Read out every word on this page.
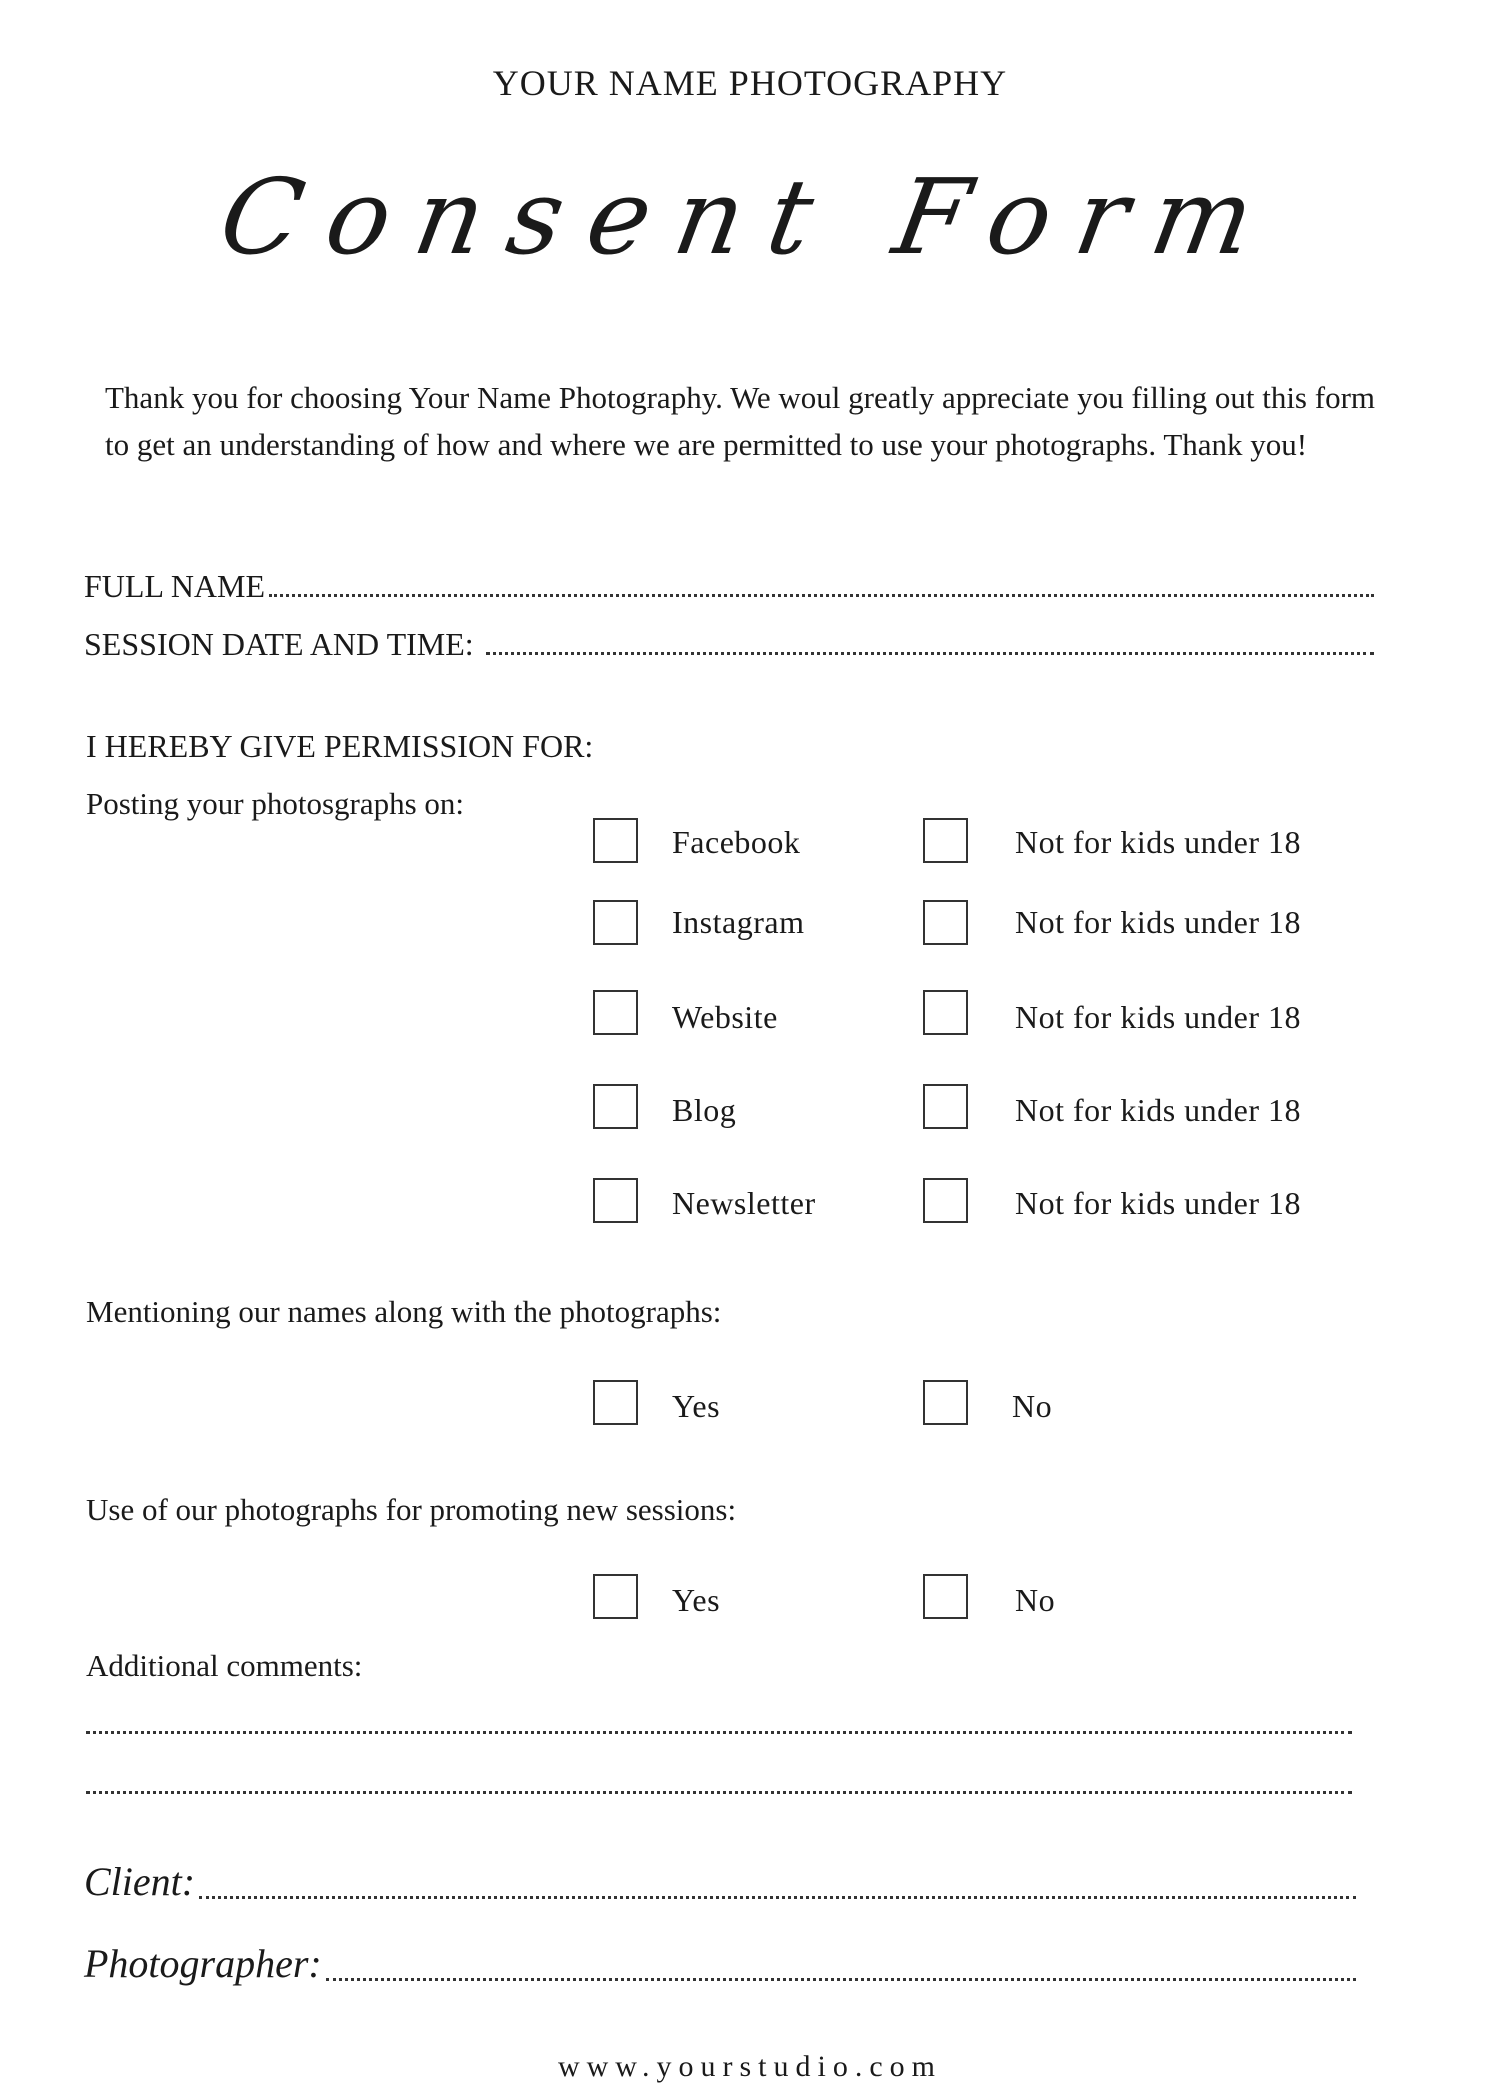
YOUR NAME PHOTOGRAPHY
Consent Form
Thank you for choosing Your Name Photography. We woul greatly appreciate you filling out this form to get an understanding of how and where we are permitted to use your photographs. Thank you!
FULL NAME
SESSION DATE AND TIME:
I HEREBY GIVE PERMISSION FOR:
Posting your photosgraphs on:
Facebook	Not for kids under 18
Instagram	Not for kids under 18
Website	Not for kids under 18
Blog	Not for kids under 18
Newsletter	Not for kids under 18
Mentioning our names along with the photographs:
Yes	No
Use of our photographs for promoting new sessions:
Yes	No
Additional comments:
Client:
Photographer:
www.yourstudio.com
